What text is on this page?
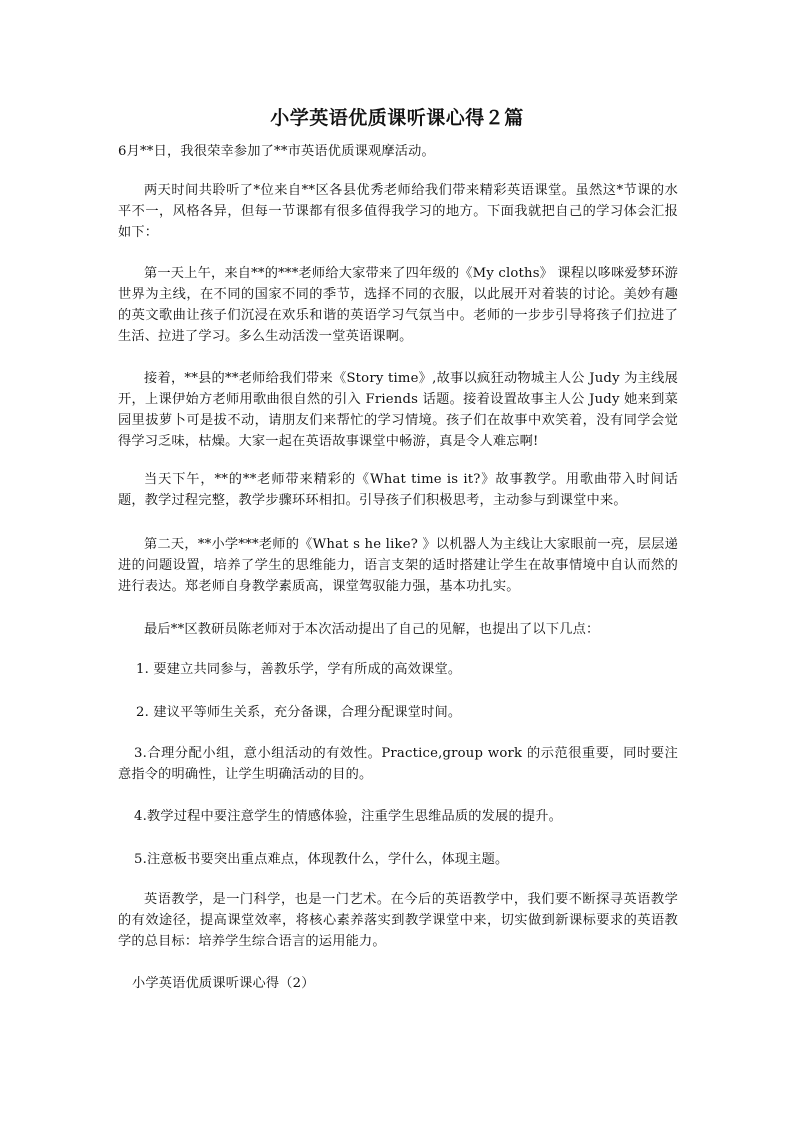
小学英语优质课听课心得２篇

6月**日，我很荣幸参加了**市英语优质课观摩活动。

两天时间共聆听了*位来自**区各县优秀老师给我们带来精彩英语课堂。虽然这*节课的水平不一，风格各异，但每一节课都有很多值得我学习的地方。下面我就把自己的学习体会汇报如下：

第一天上午，来自**的***老师给大家带来了四年级的《My cloths》 课程以哆咪爱梦环游世界为主线，在不同的国家不同的季节，选择不同的衣服，以此展开对着装的讨论。美妙有趣的英文歌曲让孩子们沉浸在欢乐和谐的英语学习气氛当中。老师的一步步引导将孩子们拉进了生活、拉进了学习。多么生动活泼一堂英语课啊。

接着，**县的**老师给我们带来《Story time》,故事以疯狂动物城主人公 Judy 为主线展开，上课伊始方老师用歌曲很自然的引入 Friends 话题。接着设置故事主人公 Judy 她来到菜园里拔萝卜可是拔不动，请朋友们来帮忙的学习情境。孩子们在故事中欢笑着，没有同学会觉得学习乏味，枯燥。大家一起在英语故事课堂中畅游，真是令人难忘啊!

当天下午，**的**老师带来精彩的《What time is it?》故事教学。用歌曲带入时间话题，教学过程完整，教学步骤环环相扣。引导孩子们积极思考，主动参与到课堂中来。

第二天，**小学***老师的《What s he like? 》以机器人为主线让大家眼前一亮，层层递进的问题设置，培养了学生的思维能力，语言支架的适时搭建让学生在故事情境中自认而然的进行表达。郑老师自身教学素质高，课堂驾驭能力强，基本功扎实。

最后**区教研员陈老师对于本次活动提出了自己的见解，也提出了以下几点：

1. 要建立共同参与，善教乐学，学有所成的高效课堂。

2. 建议平等师生关系，充分备课，合理分配课堂时间。

3.合理分配小组，意小组活动的有效性。Practice,group work 的示范很重要，同时要注意指令的明确性，让学生明确活动的目的。

4.教学过程中要注意学生的情感体验，注重学生思维品质的发展的提升。

5.注意板书要突出重点难点，体现教什么，学什么，体现主题。

英语教学，是一门科学，也是一门艺术。在今后的英语教学中，我们要不断探寻英语教学的有效途径，提高课堂效率，将核心素养落实到教学课堂中来，切实做到新课标要求的英语教学的总目标：培养学生综合语言的运用能力。

小学英语优质课听课心得（2）
